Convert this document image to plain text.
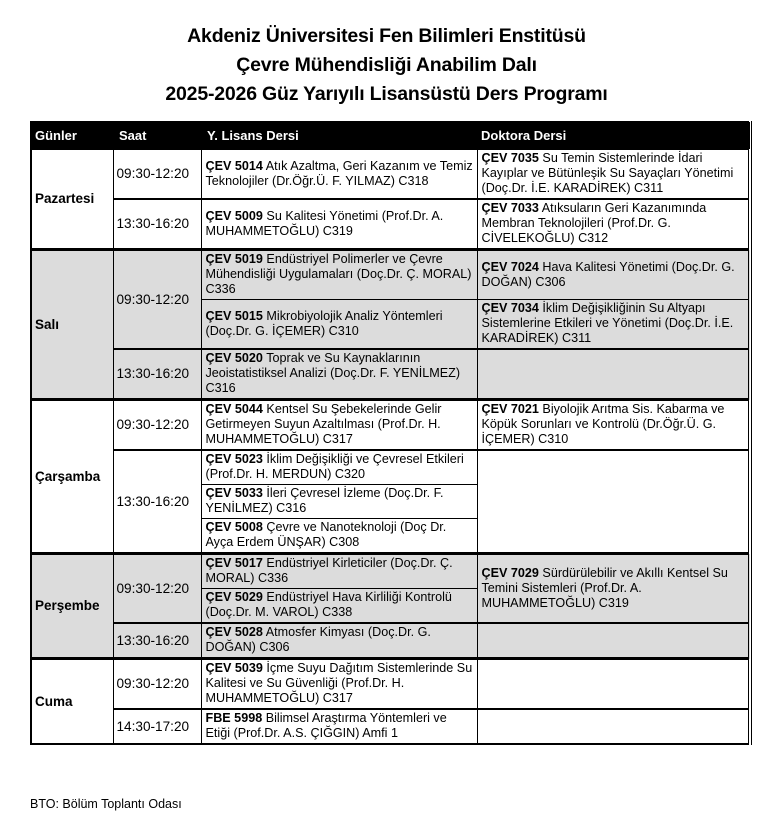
Akdeniz Üniversitesi Fen Bilimleri Enstitüsü
Çevre Mühendisliği Anabilim Dalı
2025-2026 Güz Yarıyılı Lisansüstü Ders Programı
Günler	Saat	Y. Lisans Dersi	Doktora Dersi
Pazartesi	09:30-12:20	ÇEV 5014 Atık Azaltma, Geri Kazanım ve Temiz Teknolojiler (Dr.Öğr.Ü. F. YILMAZ) C318	ÇEV 7035 Su Temin Sistemlerinde İdari Kayıplar ve Bütünleşik Su Sayaçları Yönetimi (Doç.Dr. İ.E. KARADİREK) C311
	13:30-16:20	ÇEV 5009 Su Kalitesi Yönetimi (Prof.Dr. A. MUHAMMETOĞLU) C319	ÇEV 7033 Atıksuların Geri Kazanımında Membran Teknolojileri (Prof.Dr. G. CİVELEKOĞLU) C312
Salı	09:30-12:20	ÇEV 5019 Endüstriyel Polimerler ve Çevre Mühendisliği Uygulamaları (Doç.Dr. Ç. MORAL) C336	ÇEV 7024 Hava Kalitesi Yönetimi (Doç.Dr. G. DOĞAN) C306
		ÇEV 5015 Mikrobiyolojik Analiz Yöntemleri (Doç.Dr. G. İÇEMER) C310	ÇEV 7034 İklim Değişikliğinin Su Altyapı Sistemlerine Etkileri ve Yönetimi (Doç.Dr. İ.E. KARADİREK) C311
	13:30-16:20	ÇEV 5020 Toprak ve Su Kaynaklarının Jeoistatistiksel Analizi (Doç.Dr. F. YENİLMEZ) C316	
Çarşamba	09:30-12:20	ÇEV 5044 Kentsel Su Şebekelerinde Gelir Getirmeyen Suyun Azaltılması (Prof.Dr. H. MUHAMMETOĞLU) C317	ÇEV 7021 Biyolojik Arıtma Sis. Kabarma ve Köpük Sorunları ve Kontrolü (Dr.Öğr.Ü. G. İÇEMER) C310
	13:30-16:20	ÇEV 5023 İklim Değişikliği ve Çevresel Etkileri (Prof.Dr. H. MERDUN) C320	
		ÇEV 5033 İleri Çevresel İzleme (Doç.Dr. F. YENİLMEZ) C316	
		ÇEV 5008 Çevre ve Nanoteknoloji (Doç Dr. Ayça Erdem ÜNŞAR) C308	
Perşembe	09:30-12:20	ÇEV 5017 Endüstriyel Kirleticiler (Doç.Dr. Ç. MORAL) C336	ÇEV 7029 Sürdürülebilir ve Akıllı Kentsel Su Temini Sistemleri (Prof.Dr. A. MUHAMMETOĞLU) C319
		ÇEV 5029 Endüstriyel Hava Kirliliği Kontrolü (Doç.Dr. M. VAROL) C338	
	13:30-16:20	ÇEV 5028 Atmosfer Kimyası (Doç.Dr. G. DOĞAN) C306	
Cuma	09:30-12:20	ÇEV 5039 İçme Suyu Dağıtım Sistemlerinde Su Kalitesi ve Su Güvenliği (Prof.Dr. H. MUHAMMETOĞLU) C317	
	14:30-17:20	FBE 5998 Bilimsel Araştırma Yöntemleri ve Etiği (Prof.Dr. A.S. ÇIĞGIN) Amfi 1	
BTO: Bölüm Toplantı Odası
